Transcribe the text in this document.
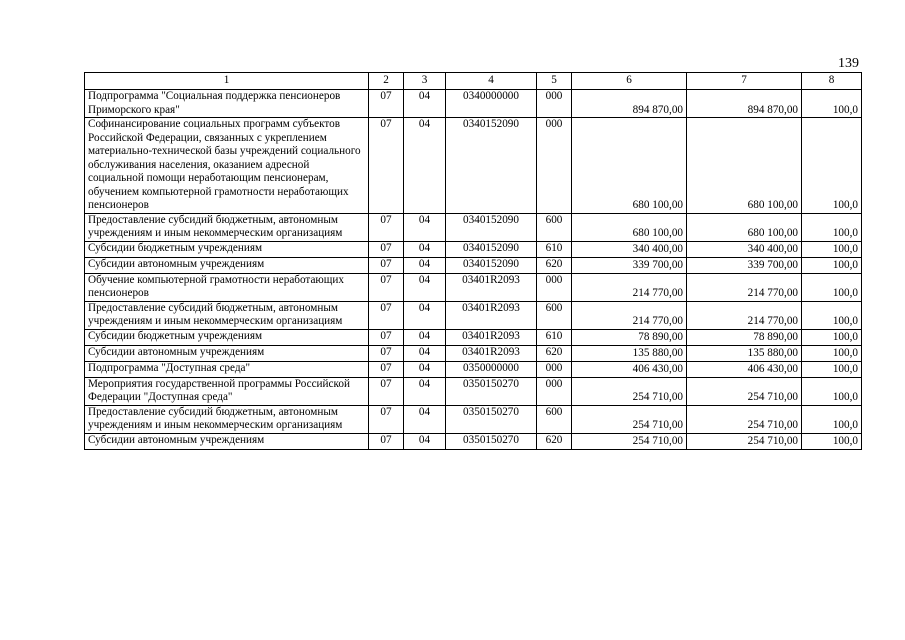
139
1	2	3	4	5	6	7	8
Подпрограмма "Социальная поддержка пенсионеров Приморского края"	07	04	0340000000	000	894 870,00	894 870,00	100,0
Софинансирование социальных программ субъектов Российской Федерации, связанных с укреплением материально-технической базы учреждений социального обслуживания населения, оказанием адресной социальной помощи неработающим пенсионерам, обучением компьютерной грамотности неработающих пенсионеров	07	04	0340152090	000	680 100,00	680 100,00	100,0
Предоставление субсидий бюджетным, автономным учреждениям и иным некоммерческим организациям	07	04	0340152090	600	680 100,00	680 100,00	100,0
Субсидии бюджетным учреждениям	07	04	0340152090	610	340 400,00	340 400,00	100,0
Субсидии автономным учреждениям	07	04	0340152090	620	339 700,00	339 700,00	100,0
Обучение компьютерной грамотности неработающих пенсионеров	07	04	03401R2093	000	214 770,00	214 770,00	100,0
Предоставление субсидий бюджетным, автономным учреждениям и иным некоммерческим организациям	07	04	03401R2093	600	214 770,00	214 770,00	100,0
Субсидии бюджетным учреждениям	07	04	03401R2093	610	78 890,00	78 890,00	100,0
Субсидии автономным учреждениям	07	04	03401R2093	620	135 880,00	135 880,00	100,0
Подпрограмма "Доступная среда"	07	04	0350000000	000	406 430,00	406 430,00	100,0
Мероприятия государственной программы Российской Федерации "Доступная среда"	07	04	0350150270	000	254 710,00	254 710,00	100,0
Предоставление субсидий бюджетным, автономным учреждениям и иным некоммерческим организациям	07	04	0350150270	600	254 710,00	254 710,00	100,0
Субсидии автономным учреждениям	07	04	0350150270	620	254 710,00	254 710,00	100,0
